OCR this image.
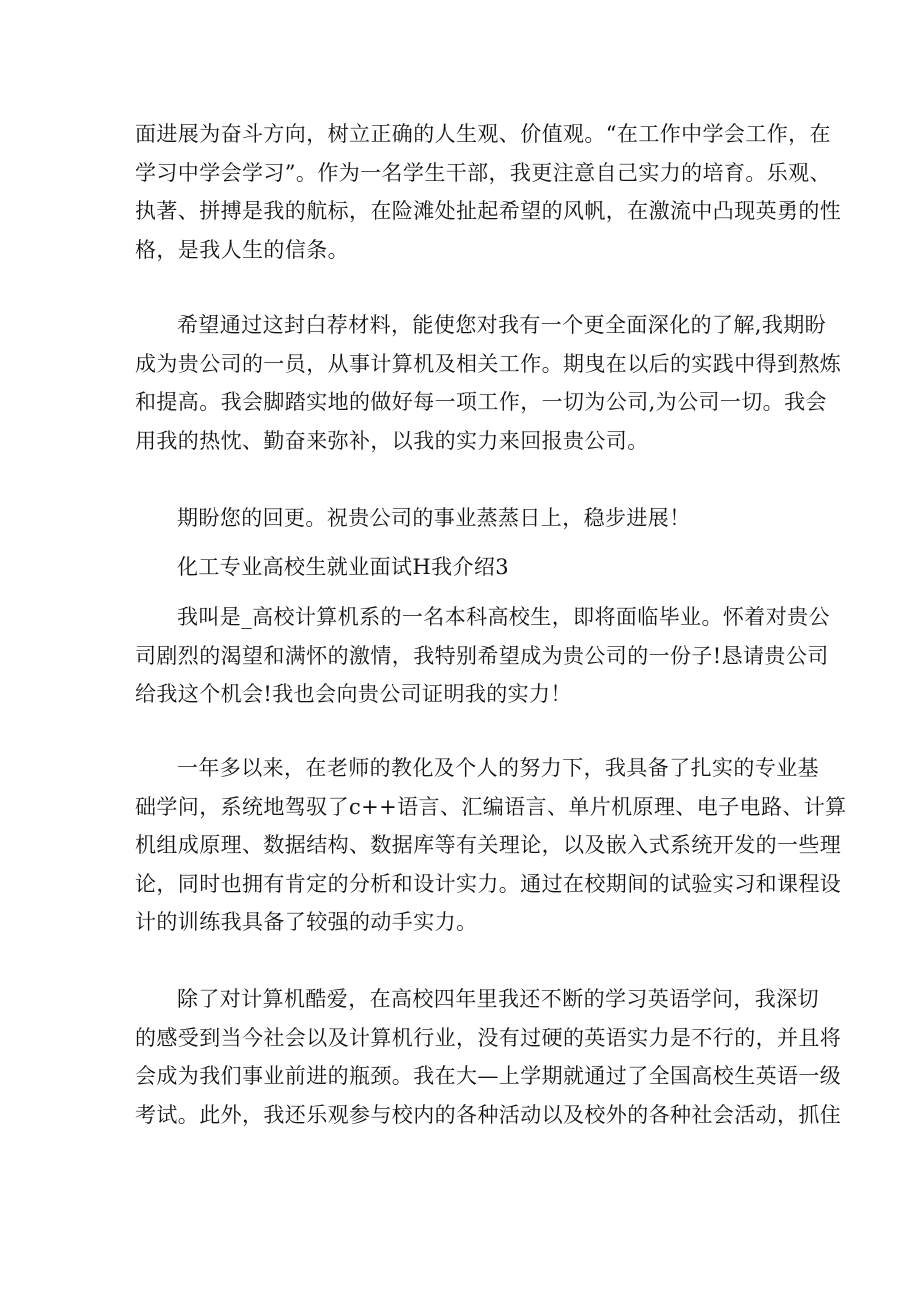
面进展为奋斗方向，树立正确的人生观、价值观。“在工作中学会工作，在
学习中学会学习”。作为一名学生干部，我更注意自己实力的培育。乐观、
执著、拼搏是我的航标，在险滩处扯起希望的风帆，在激流中凸现英勇的性
格，是我人生的信条。
希望通过这封白荐材料，能使您对我有一个更全面深化的了解,我期盼
成为贵公司的一员，从事计算机及相关工作。期曳在以后的实践中得到熬炼
和提高。我会脚踏实地的做好每一项工作，一切为公司,为公司一切。我会
用我的热忱、勤奋来弥补，以我的实力来回报贵公司。
期盼您的回更。祝贵公司的事业蒸蒸日上，稳步进展！
化工专业高校生就业面试H我介绍3
我叫是_高校计算机系的一名本科高校生，即将面临毕业。怀着对贵公
司剧烈的渴望和满怀的激情，我特别希望成为贵公司的一份子!恳请贵公司
给我这个机会!我也会向贵公司证明我的实力！
一年多以来，在老师的教化及个人的努力下，我具备了扎实的专业基
础学问，系统地驾驭了c++语言、汇编语言、单片机原理、电子电路、计算
机组成原理、数据结构、数据库等有关理论，以及嵌入式系统开发的一些理
论，同时也拥有肯定的分析和设计实力。通过在校期间的试验实习和课程设
计的训练我具备了较强的动手实力。
除了对计算机酷爱，在高校四年里我还不断的学习英语学问，我深切
的感受到当今社会以及计算机行业，没有过硬的英语实力是不行的，并且将
会成为我们事业前进的瓶颈。我在大—上学期就通过了全国高校生英语一级
考试。此外，我还乐观参与校内的各种活动以及校外的各种社会活动，抓住
